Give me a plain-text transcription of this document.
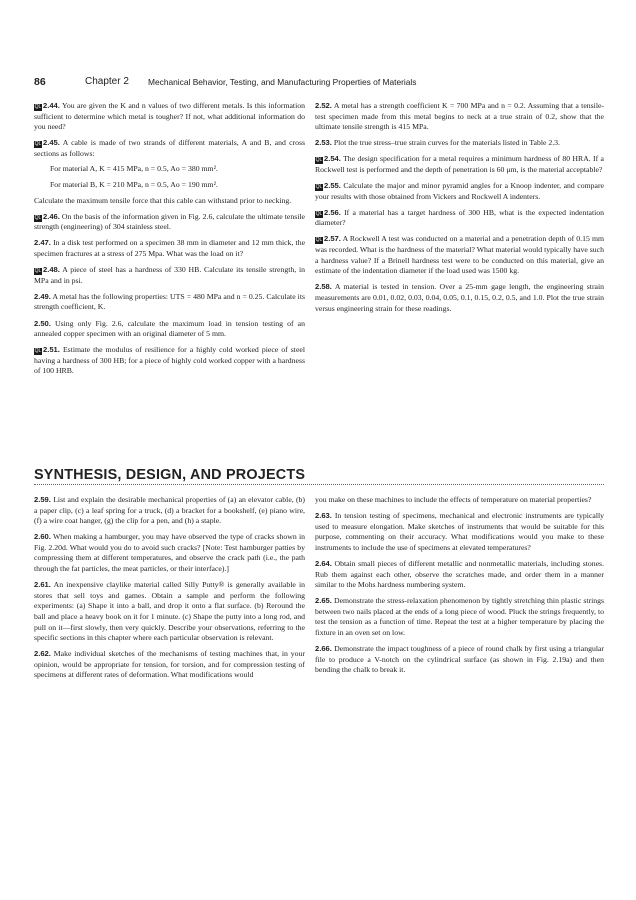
86	Chapter 2 Mechanical Behavior, Testing, and Manufacturing Properties of Materials
QL 2.44. You are given the K and n values of two different metals. Is this information sufficient to determine which metal is tougher? If not, what additional information do you need?
QL 2.45. A cable is made of two strands of different materials, A and B, and cross sections as follows:
For material A, K = 415 MPa, n = 0.5, Ao = 380 mm².
For material B, K = 210 MPa, n = 0.5, Ao = 190 mm².
Calculate the maximum tensile force that this cable can withstand prior to necking.
QL 2.46. On the basis of the information given in Fig. 2.6, calculate the ultimate tensile strength (engineering) of 304 stainless steel.
2.47. In a disk test performed on a specimen 38 mm in diameter and 12 mm thick, the specimen fractures at a stress of 275 Mpa. What was the load on it?
QL 2.48. A piece of steel has a hardness of 330 HB. Calculate its tensile strength, in MPa and in psi.
2.49. A metal has the following properties: UTS = 480 MPa and n = 0.25. Calculate its strength coefficient, K.
2.50. Using only Fig. 2.6, calculate the maximum load in tension testing of an annealed copper specimen with an original diameter of 5 mm.
QL 2.51. Estimate the modulus of resilience for a highly cold worked piece of steel having a hardness of 300 HB; for a piece of highly cold worked copper with a hardness of 100 HRB.
2.52. A metal has a strength coefficient K = 700 MPa and n = 0.2. Assuming that a tensile-test specimen made from this metal begins to neck at a true strain of 0.2, show that the ultimate tensile strength is 415 MPa.
2.53. Plot the true stress–true strain curves for the materials listed in Table 2.3.
QL 2.54. The design specification for a metal requires a minimum hardness of 80 HRA. If a Rockwell test is performed and the depth of penetration is 60 μm, is the material acceptable?
QL 2.55. Calculate the major and minor pyramid angles for a Knoop indenter, and compare your results with those obtained from Vickers and Rockwell A indenters.
QL 2.56. If a material has a target hardness of 300 HB, what is the expected indentation diameter?
QL 2.57. A Rockwell A test was conducted on a material and a penetration depth of 0.15 mm was recorded. What is the hardness of the material? What material would typically have such a hardness value? If a Brinell hardness test were to be conducted on this material, give an estimate of the indentation diameter if the load used was 1500 kg.
2.58. A material is tested in tension. Over a 25-mm gage length, the engineering strain measurements are 0.01, 0.02, 0.03, 0.04, 0.05, 0.1, 0.15, 0.2, 0.5, and 1.0. Plot the true strain versus engineering strain for these readings.
SYNTHESIS, DESIGN, AND PROJECTS
2.59. List and explain the desirable mechanical properties of (a) an elevator cable, (b) a paper clip, (c) a leaf spring for a truck, (d) a bracket for a bookshelf, (e) piano wire, (f) a wire coat hanger, (g) the clip for a pen, and (h) a staple.
2.60. When making a hamburger, you may have observed the type of cracks shown in Fig. 2.20d. What would you do to avoid such cracks? [Note: Test hamburger patties by compressing them at different temperatures, and observe the crack path (i.e., the path through the fat particles, the meat particles, or their interface).]
2.61. An inexpensive claylike material called Silly Putty® is generally available in stores that sell toys and games. Obtain a sample and perform the following experiments: (a) Shape it into a ball, and drop it onto a flat surface. (b) Reround the ball and place a heavy book on it for 1 minute. (c) Shape the putty into a long rod, and pull on it—first slowly, then very quickly. Describe your observations, referring to the specific sections in this chapter where each particular observation is relevant.
2.62. Make individual sketches of the mechanisms of testing machines that, in your opinion, would be appropriate for tension, for torsion, and for compression testing of specimens at different rates of deformation. What modifications would
you make on these machines to include the effects of temperature on material properties?
2.63. In tension testing of specimens, mechanical and electronic instruments are typically used to measure elongation. Make sketches of instruments that would be suitable for this purpose, commenting on their accuracy. What modifications would you make to these instruments to include the use of specimens at elevated temperatures?
2.64. Obtain small pieces of different metallic and nonmetallic materials, including stones. Rub them against each other, observe the scratches made, and order them in a manner similar to the Mohs hardness numbering system.
2.65. Demonstrate the stress-relaxation phenomenon by tightly stretching thin plastic strings between two nails placed at the ends of a long piece of wood. Pluck the strings frequently, to test the tension as a function of time. Repeat the test at a higher temperature by placing the fixture in an oven set on low.
2.66. Demonstrate the impact toughness of a piece of round chalk by first using a triangular file to produce a V-notch on the cylindrical surface (as shown in Fig. 2.19a) and then bending the chalk to break it.
